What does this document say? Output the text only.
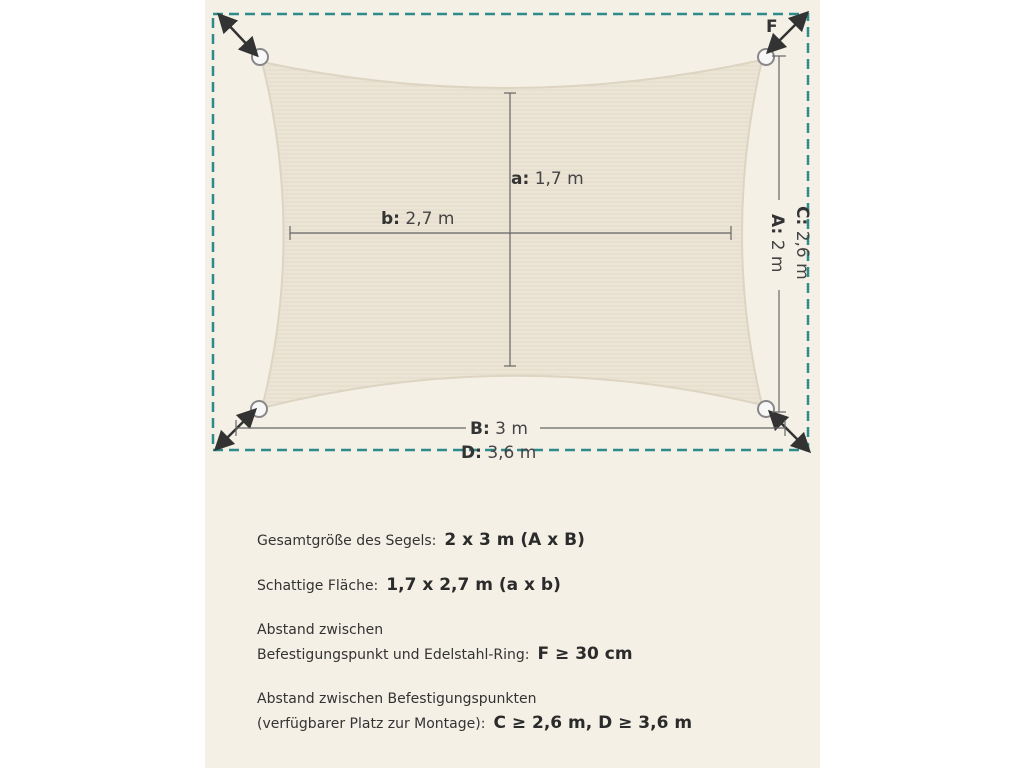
a: 1,7 m
b: 2,7 m
B: 3 m
D: 3,6 m
F
A: 2 m
C: 2,6 m
Gesamtgröße des Segels: 2 x 3 m (A x B)
Schattige Fläche: 1,7 x 2,7 m (a x b)
Abstand zwischen
Befestigungspunkt und Edelstahl-Ring: F ≥ 30 cm
Abstand zwischen Befestigungspunkten
(verfügbarer Platz zur Montage): C ≥ 2,6 m, D ≥ 3,6 m
